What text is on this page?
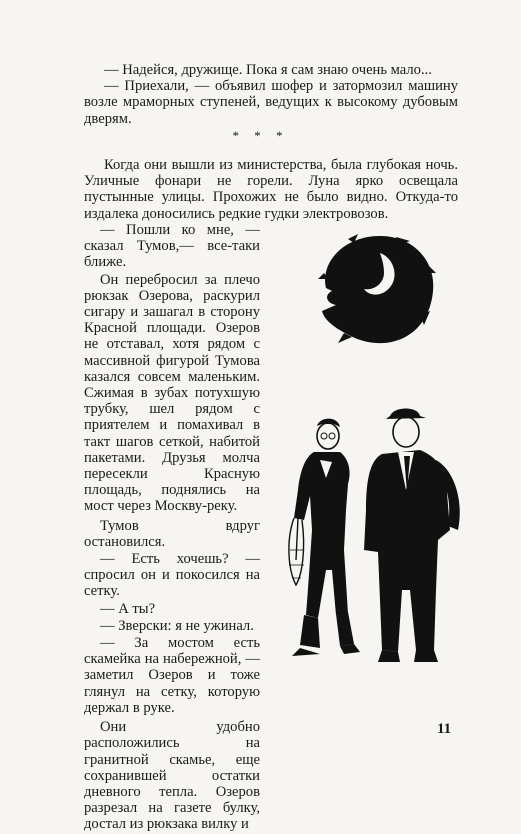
— Надейся, дружище. Пока я сам знаю очень мало...

— Приехали, — объявил шофер и затормозил машину возле мраморных ступеней, ведущих к высокому дубовым дверям.

* * *

Когда они вышли из министерства, была глубокая ночь. Уличные фонари не горели. Луна ярко освещала пустынные улицы. Прохожих не было видно. Откуда-то издалека доносились редкие гудки электровозов.

— Пошли ко мне, — сказал Тумов,— все-таки ближе.

Он перебросил за плечо рюкзак Озерова, раскурил сигару и зашагал в сторону Красной площади. Озеров не отставал, хотя рядом с массивной фигурой Тумова казался совсем маленьким. Сжимая в зубах потухшую трубку, шел рядом с приятелем и помахивал в такт шагов сеткой, набитой пакетами. Друзья молча пересекли Красную площадь, поднялись на мост через Москву-реку.

Тумов вдруг остановился.

— Есть хочешь? — спросил он и покосился на сетку.

— А ты?

— Зверски: я не ужинал.

— За мостом есть скамейка на набережной, — заметил Озеров и тоже глянул на сетку, которую держал в руке.

Они удобно расположились на гранитной скамье, еще сохранившей остатки дневного тепла. Озеров разрезал на газете булку, достал из рюкзака вилку и

11
